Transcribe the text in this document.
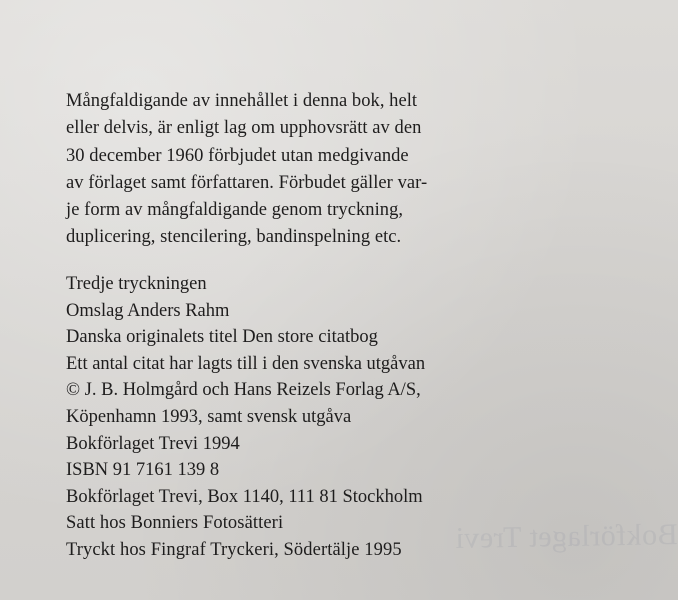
Bokförlaget Trevi
Mångfaldigande av innehållet i denna bok, helt
eller delvis, är enligt lag om upphovsrätt av den
30 december 1960 förbjudet utan medgivande
av förlaget samt författaren. Förbudet gäller var-
je form av mångfaldigande genom tryckning,
duplicering, stencilering, bandinspelning etc.
Tredje tryckningen
Omslag Anders Rahm
Danska originalets titel Den store citatbog
Ett antal citat har lagts till i den svenska utgåvan
© J. B. Holmgård och Hans Reizels Forlag A/S,
Köpenhamn 1993, samt svensk utgåva
Bokförlaget Trevi 1994
ISBN 91 7161 139 8
Bokförlaget Trevi, Box 1140, 111 81 Stockholm
Satt hos Bonniers Fotosätteri
Tryckt hos Fingraf Tryckeri, Södertälje 1995
